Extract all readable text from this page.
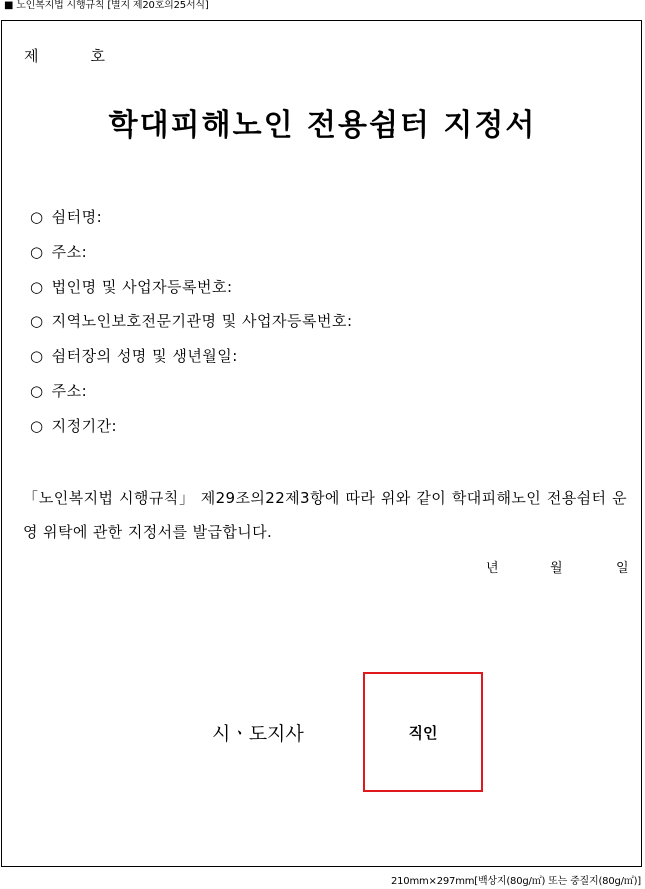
■ 노인복지법 시행규칙 [별지 제20호의25서식]
제	호
학대피해노인 전용쉼터 지정서
○ 쉼터명:
○ 주소:
○ 법인명 및 사업자등록번호:
○ 지역노인보호전문기관명 및 사업자등록번호:
○ 쉼터장의 성명 및 생년월일:
○ 주소:
○ 지정기간:
「노인복지법 시행규칙」 제29조의22제3항에 따라 위와 같이 학대피해노인 전용쉼터 운영 위탁에 관한 지정서를 발급합니다.
년	월	일
시ㆍ도지사	직인
210mm×297mm[백상지(80g/㎡) 또는 중질지(80g/㎡)]
